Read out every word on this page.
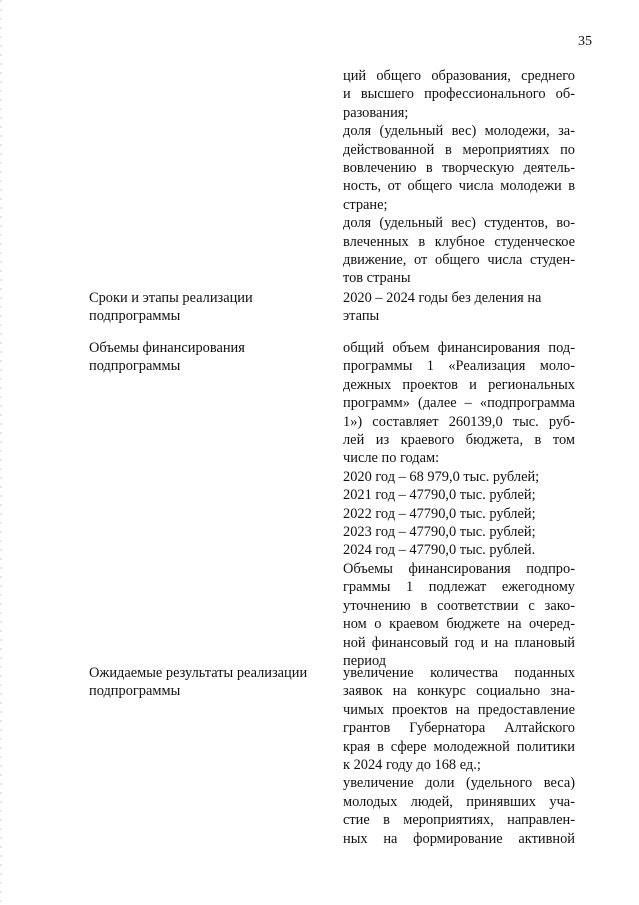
35
ций общего образования, среднего
и высшего профессионального об-
разования;
доля (удельный вес) молодежи, за-
действованной в мероприятиях по
вовлечению в творческую деятель-
ность, от общего числа молодежи в
стране;
доля (удельный вес) студентов, во-
влеченных в клубное студенческое
движение, от общего числа студен-
тов страны
Сроки и этапы реализации
подпрограммы
2020 – 2024 годы без деления на
этапы
Объемы финансирования
подпрограммы
общий объем финансирования под-
программы 1 «Реализация моло-
дежных проектов и региональных
программ» (далее – «подпрограмма
1») составляет 260139,0 тыс. руб-
лей из краевого бюджета, в том
числе по годам:
2020 год – 68 979,0 тыс. рублей;
2021 год – 47790,0 тыс. рублей;
2022 год – 47790,0 тыс. рублей;
2023 год – 47790,0 тыс. рублей;
2024 год – 47790,0 тыс. рублей.
Объемы финансирования подпро-
граммы 1 подлежат ежегодному
уточнению в соответствии с зако-
ном о краевом бюджете на очеред-
ной финансовый год и на плановый
период
Ожидаемые результаты реализации
подпрограммы
увеличение количества поданных
заявок на конкурс социально зна-
чимых проектов на предоставление
грантов Губернатора Алтайского
края в сфере молодежной политики
к 2024 году до 168 ед.;
увеличение доли (удельного веса)
молодых людей, принявших уча-
стие в мероприятиях, направлен-
ных на формирование активной
